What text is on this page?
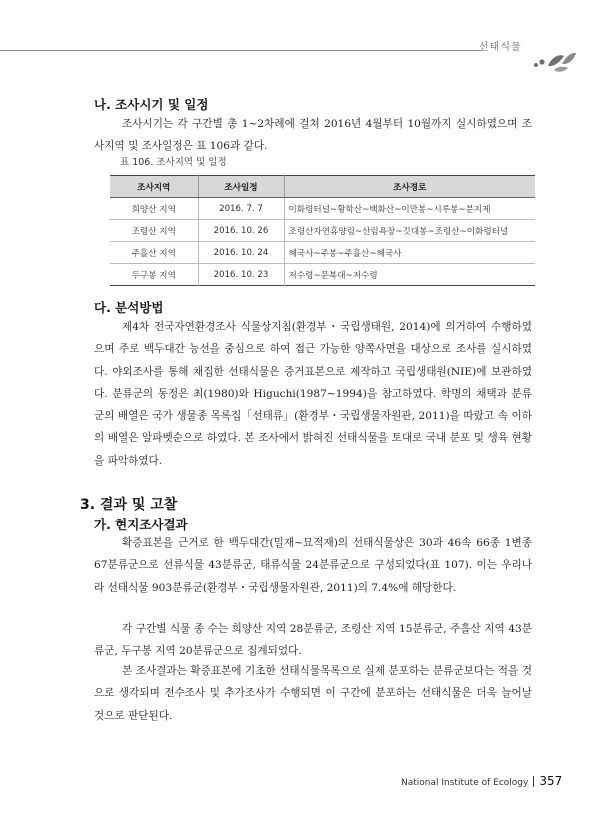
선태식물
나. 조사시기 및 일정

조사시기는 각 구간별 총 1~2차례에 걸쳐 2016년 4월부터 10월까지 실시하였으며 조사지역 및 조사일정은 표 106과 같다.

표 106. 조사지역 및 일정
조사지역	조사일정	조사경로
희양산 지역	2016. 7. 7	이화령터널~황학산~백화산~이만봉~시루봉~분지제
조령산 지역	2016. 10. 26	조령산자연휴양림~산림욕장~깃대봉~조령산~이화령터널
주흘산 지역	2016. 10. 24	혜국사~주봉~주흘산~혜국사
두구봉 지역	2016. 10. 23	저수령~문복대~저수령
다. 분석방법

제4차 전국자연환경조사 식물상지침(환경부・국립생태원, 2014)에 의거하여 수행하였으며 주로 백두대간 능선을 중심으로 하여 접근 가능한 양쪽사면을 대상으로 조사를 실시하였다. 야외조사를 통해 채집한 선태식물은 증거표본으로 제작하고 국립생태원(NIE)에 보관하였다. 분류군의 동정은 최(1980)와 Higuchi(1987∼1994)을 참고하였다. 학명의 채택과 분류군의 배열은 국가 생물종 목록집「선태류」(환경부・국립생물자원관, 2011)을 따랐고 속 이하의 배열은 알파벳순으로 하였다. 본 조사에서 밝혀진 선태식물을 토대로 국내 분포 및 생육 현황을 파악하였다.

3. 결과 및 고찰
가. 현지조사결과

확증표본을 근거로 한 백두대간(밀재~묘적재)의 선태식물상은 30과 46속 66종 1변종 67분류군으로 선류식물 43분류군, 태류식물 24분류군으로 구성되었다(표 107). 이는 우리나라 선태식물 903분류군(환경부・국립생물자원관, 2011)의 7.4%에 해당한다.

각 구간별 식물 종 수는 희양산 지역 28분류군, 조령산 지역 15분류군, 주흘산 지역 43분류군, 두구봉 지역 20분류군으로 집계되었다.

본 조사결과는 확증표본에 기초한 선태식물목록으로 실제 분포하는 분류군보다는 적을 것으로 생각되며 전수조사 및 추가조사가 수행되면 이 구간에 분포하는 선태식물은 더욱 늘어날 것으로 판단된다.

National Institute of Ecology 357
